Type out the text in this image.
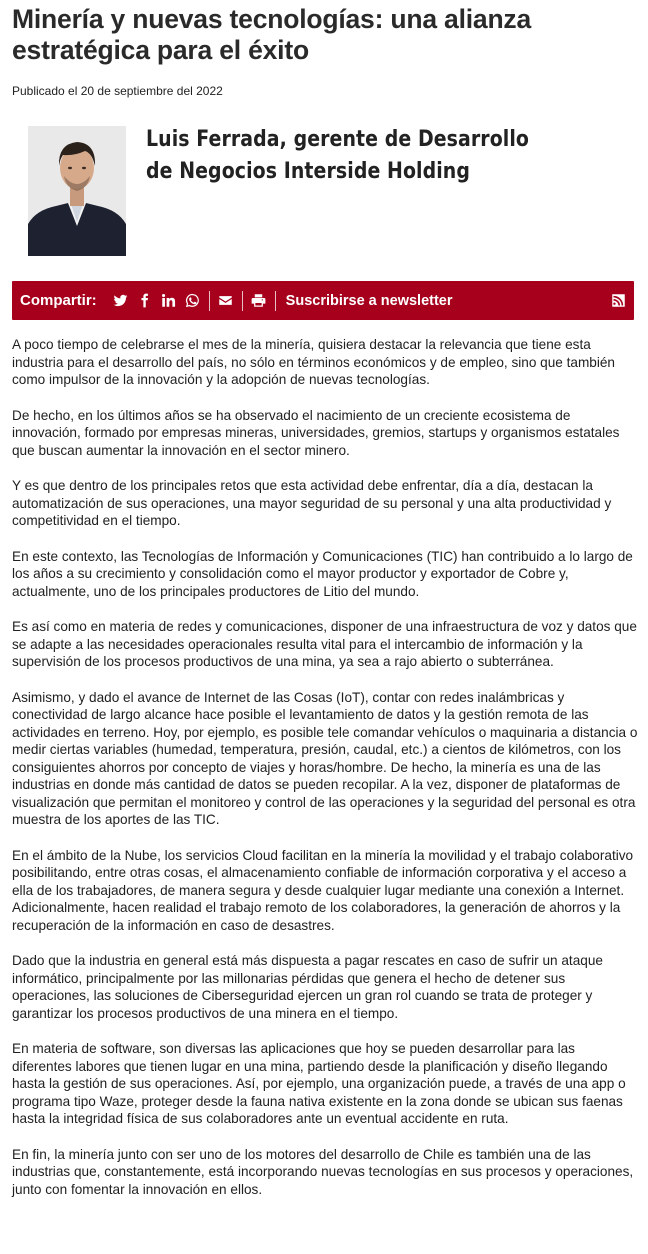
Minería y nuevas tecnologías: una alianza estratégica para el éxito

Publicado el 20 de septiembre del 2022

Luis Ferrada, gerente de Desarrollo de Negocios Interside Holding
Compartir:	Suscribirse a newsletter

A poco tiempo de celebrarse el mes de la minería, quisiera destacar la relevancia que tiene esta industria para el desarrollo del país, no sólo en términos económicos y de empleo, sino que también como impulsor de la innovación y la adopción de nuevas tecnologías.

De hecho, en los últimos años se ha observado el nacimiento de un creciente ecosistema de innovación, formado por empresas mineras, universidades, gremios, startups y organismos estatales que buscan aumentar la innovación en el sector minero.

Y es que dentro de los principales retos que esta actividad debe enfrentar, día a día, destacan la automatización de sus operaciones, una mayor seguridad de su personal y una alta productividad y competitividad en el tiempo.

En este contexto, las Tecnologías de Información y Comunicaciones (TIC) han contribuido a lo largo de los años a su crecimiento y consolidación como el mayor productor y exportador de Cobre y, actualmente, uno de los principales productores de Litio del mundo.

Es así como en materia de redes y comunicaciones, disponer de una infraestructura de voz y datos que se adapte a las necesidades operacionales resulta vital para el intercambio de información y la supervisión de los procesos productivos de una mina, ya sea a rajo abierto o subterránea.

Asimismo, y dado el avance de Internet de las Cosas (IoT), contar con redes inalámbricas y conectividad de largo alcance hace posible el levantamiento de datos y la gestión remota de las actividades en terreno. Hoy, por ejemplo, es posible tele comandar vehículos o maquinaria a distancia o medir ciertas variables (humedad, temperatura, presión, caudal, etc.) a cientos de kilómetros, con los consiguientes ahorros por concepto de viajes y horas/hombre. De hecho, la minería es una de las industrias en donde más cantidad de datos se pueden recopilar. A la vez, disponer de plataformas de visualización que permitan el monitoreo y control de las operaciones y la seguridad del personal es otra muestra de los aportes de las TIC.

En el ámbito de la Nube, los servicios Cloud facilitan en la minería la movilidad y el trabajo colaborativo posibilitando, entre otras cosas, el almacenamiento confiable de información corporativa y el acceso a ella de los trabajadores, de manera segura y desde cualquier lugar mediante una conexión a Internet. Adicionalmente, hacen realidad el trabajo remoto de los colaboradores, la generación de ahorros y la recuperación de la información en caso de desastres.

Dado que la industria en general está más dispuesta a pagar rescates en caso de sufrir un ataque informático, principalmente por las millonarias pérdidas que genera el hecho de detener sus operaciones, las soluciones de Ciberseguridad ejercen un gran rol cuando se trata de proteger y garantizar los procesos productivos de una minera en el tiempo.

En materia de software, son diversas las aplicaciones que hoy se pueden desarrollar para las diferentes labores que tienen lugar en una mina, partiendo desde la planificación y diseño llegando hasta la gestión de sus operaciones. Así, por ejemplo, una organización puede, a través de una app o programa tipo Waze, proteger desde la fauna nativa existente en la zona donde se ubican sus faenas hasta la integridad física de sus colaboradores ante un eventual accidente en ruta.

En fin, la minería junto con ser uno de los motores del desarrollo de Chile es también una de las industrias que, constantemente, está incorporando nuevas tecnologías en sus procesos y operaciones, junto con fomentar la innovación en ellos.
